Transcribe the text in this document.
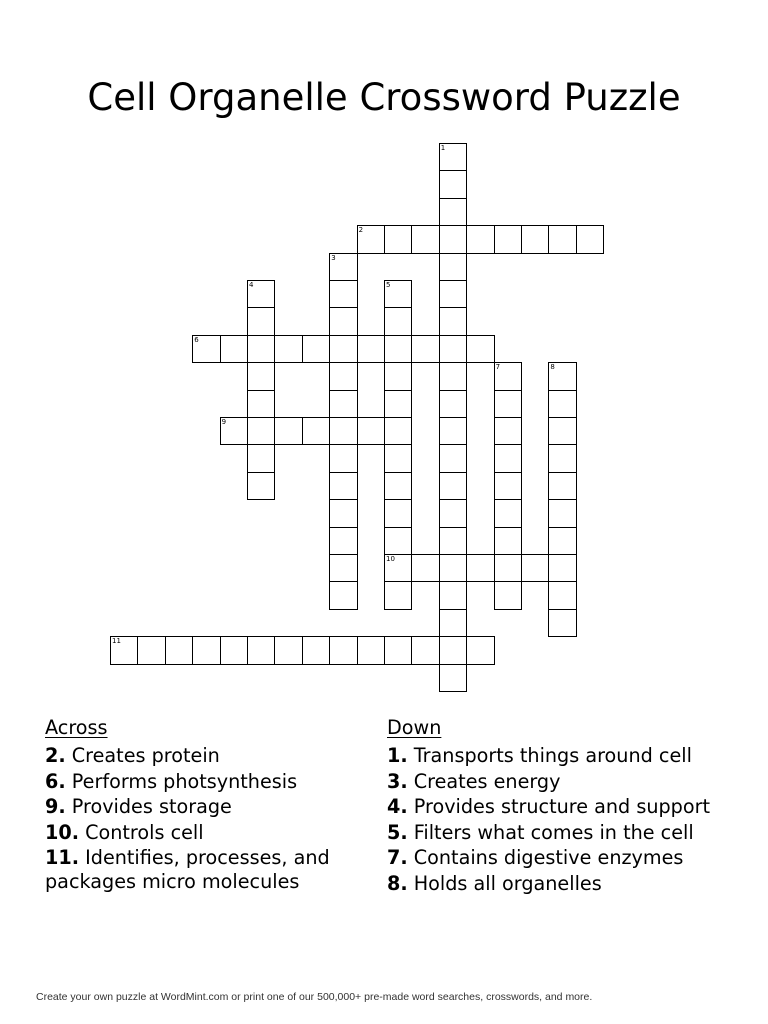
Cell Organelle Crossword Puzzle
1
2
3
4	5
10
6
7	8
9
11
Across
2. Creates protein
6. Performs photsynthesis
9. Provides storage
10. Controls cell
11. Identifies, processes, and packages micro molecules
Down
1. Transports things around cell
3. Creates energy
4. Provides structure and support
5. Filters what comes in the cell
7. Contains digestive enzymes
8. Holds all organelles
Create your own puzzle at WordMint.com or print one of our 500,000+ pre-made word searches, crosswords, and more.
